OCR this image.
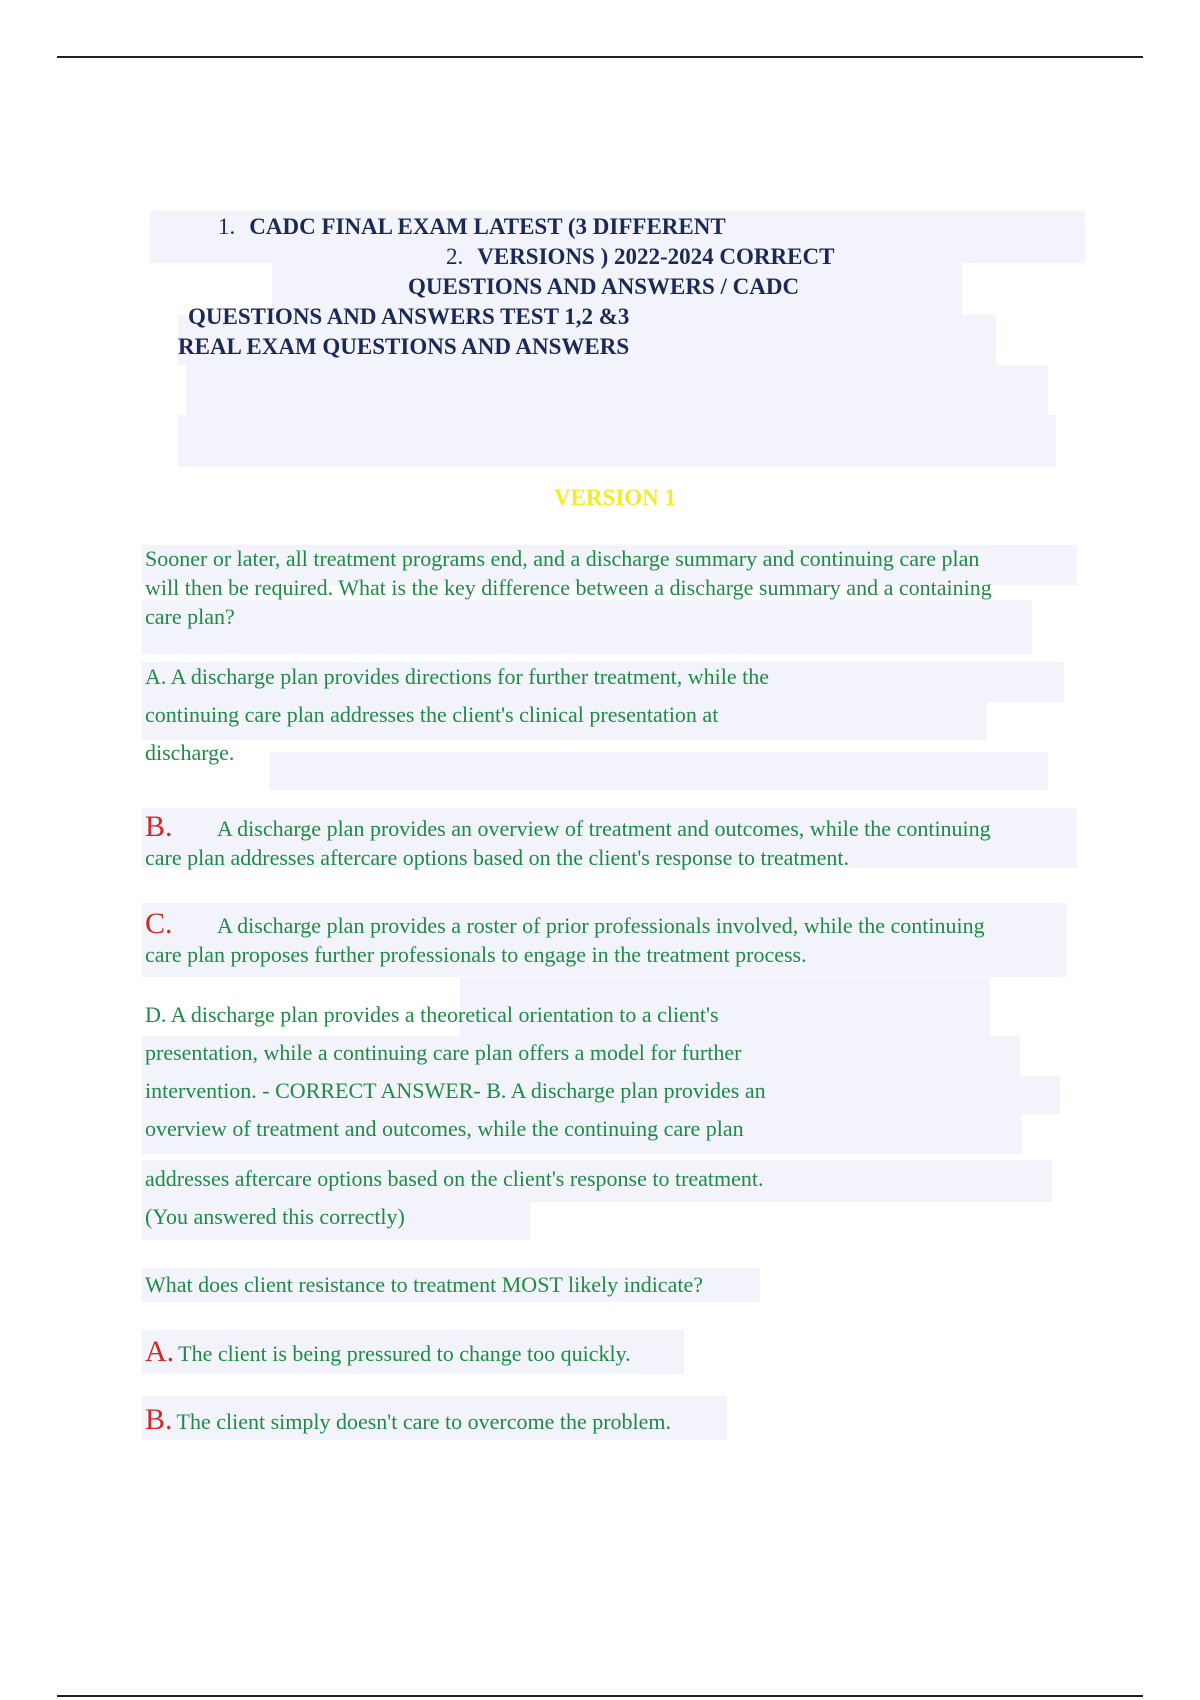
1. CADC FINAL EXAM LATEST (3 DIFFERENT
2. VERSIONS ) 2022-2024 CORRECT
QUESTIONS AND ANSWERS / CADC
QUESTIONS AND ANSWERS TEST 1,2 &3
REAL EXAM QUESTIONS AND ANSWERS
VERSION 1
Sooner or later, all treatment programs end, and a discharge summary and continuing care plan
will then be required. What is the key difference between a discharge summary and a containing
care plan?
A. A discharge plan provides directions for further treatment, while the
continuing care plan addresses the client's clinical presentation at
discharge.
B. A discharge plan provides an overview of treatment and outcomes, while the continuing
care plan addresses aftercare options based on the client's response to treatment.
C. A discharge plan provides a roster of prior professionals involved, while the continuing
care plan proposes further professionals to engage in the treatment process.
D. A discharge plan provides a theoretical orientation to a client's
presentation, while a continuing care plan offers a model for further
intervention. - CORRECT ANSWER- B. A discharge plan provides an
overview of treatment and outcomes, while the continuing care plan
addresses aftercare options based on the client's response to treatment.
(You answered this correctly)
What does client resistance to treatment MOST likely indicate?
A. The client is being pressured to change too quickly.
B. The client simply doesn't care to overcome the problem.
